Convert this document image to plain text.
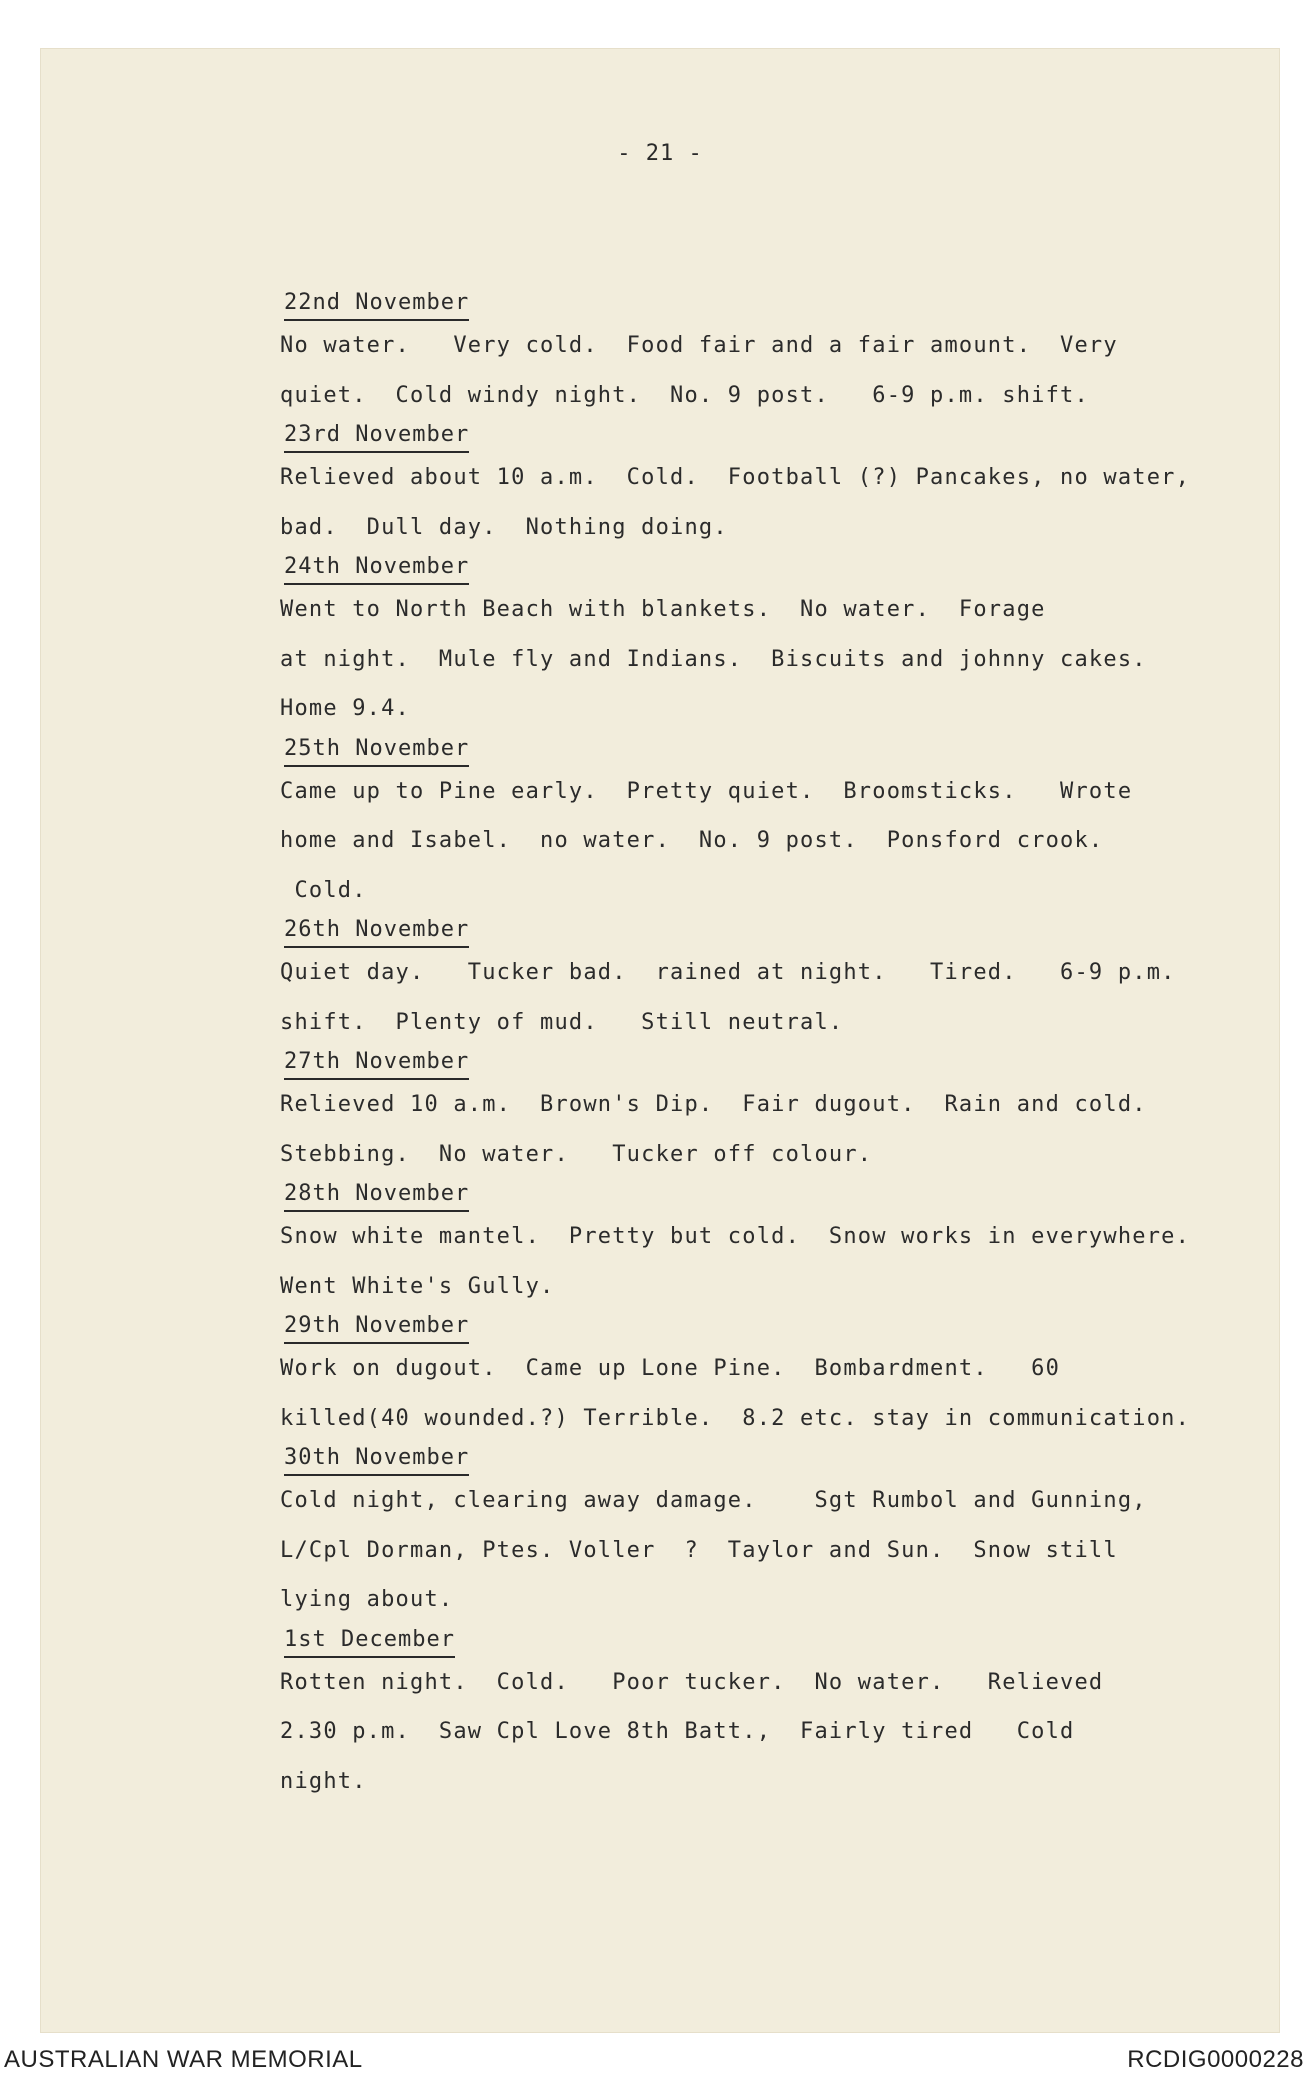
- 21 -
22nd November
No water.   Very cold.  Food fair and a fair amount.  Very
quiet.  Cold windy night.  No. 9 post.   6-9 p.m. shift.
23rd November
Relieved about 10 a.m.  Cold.  Football (?) Pancakes, no water,
bad.  Dull day.  Nothing doing.
24th November
Went to North Beach with blankets.  No water.  Forage
at night.  Mule fly and Indians.  Biscuits and johnny cakes.
Home 9.4.
25th November
Came up to Pine early.  Pretty quiet.  Broomsticks.   Wrote
home and Isabel.  no water.  No. 9 post.  Ponsford crook.
Cold.
26th November
Quiet day.   Tucker bad.  rained at night.   Tired.   6-9 p.m.
shift.  Plenty of mud.   Still neutral.
27th November
Relieved 10 a.m.  Brown's Dip.  Fair dugout.  Rain and cold.
Stebbing.  No water.   Tucker off colour.
28th November
Snow white mantel.  Pretty but cold.  Snow works in everywhere.
Went White's Gully.
29th November
Work on dugout.  Came up Lone Pine.  Bombardment.   60
killed(40 wounded.?) Terrible.  8.2 etc. stay in communication.
30th November
Cold night, clearing away damage.    Sgt Rumbol and Gunning,
L/Cpl Dorman, Ptes. Voller  ?  Taylor and Sun.  Snow still
lying about.
1st December
Rotten night.  Cold.   Poor tucker.  No water.   Relieved
2.30 p.m.  Saw Cpl Love 8th Batt.,  Fairly tired   Cold
night.
AUSTRALIAN WAR MEMORIAL	RCDIG0000228
